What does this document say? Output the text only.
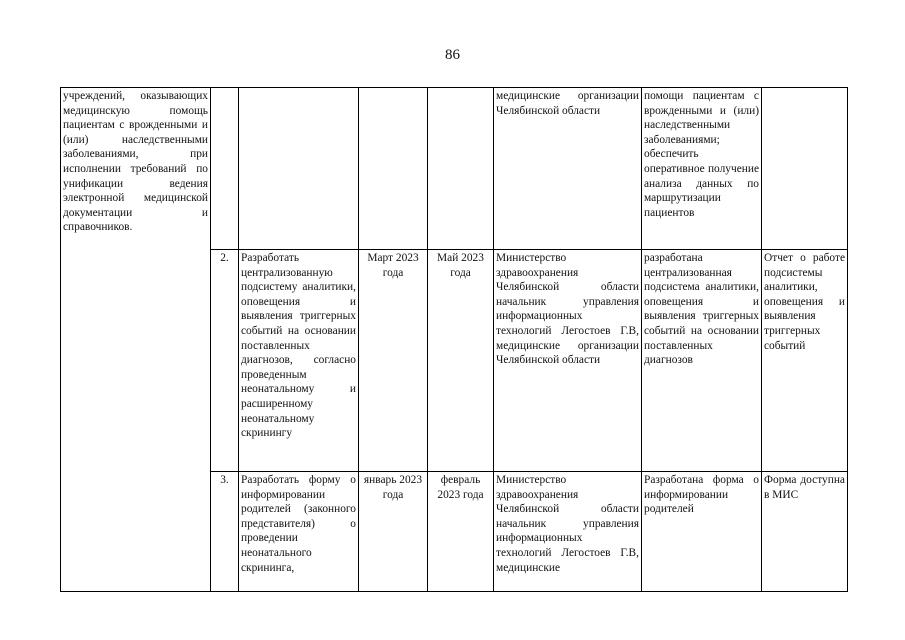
86
учреждений, оказывающих медицинскую помощь пациентам с врожденными и (или) наследственными заболеваниями, при исполнении требований по унификации ведения электронной медицинской документации и справочников.					медицинские организации Челябинской области	помощи пациентам с врожденными и (или) наследственными заболеваниями; обеспечить оперативное получение анализа данных по маршрутизации пациентов	

	2.	Разработать централизованную подсистему аналитики, оповещения и выявления триггерных событий на основании поставленных диагнозов, согласно проведенным неонатальному и расширенному неонатальному скринингу	Март 2023 года	Май 2023 года	Министерство здравоохранения Челябинской области начальник управления информационных технологий Легостоев Г.В, медицинские организации Челябинской области	разработана централизованная подсистема аналитики, оповещения и выявления триггерных событий на основании поставленных диагнозов	Отчет о работе подсистемы аналитики, оповещения и выявления триггерных событий

	3.	Разработать форму о информировании родителей (законного представителя) о проведении неонатального скрининга,	январь 2023 года	февраль 2023 года	Министерство здравоохранения Челябинской области начальник управления информационных технологий Легостоев Г.В, медицинские	Разработана форма о информировании родителей	Форма доступна в МИС
